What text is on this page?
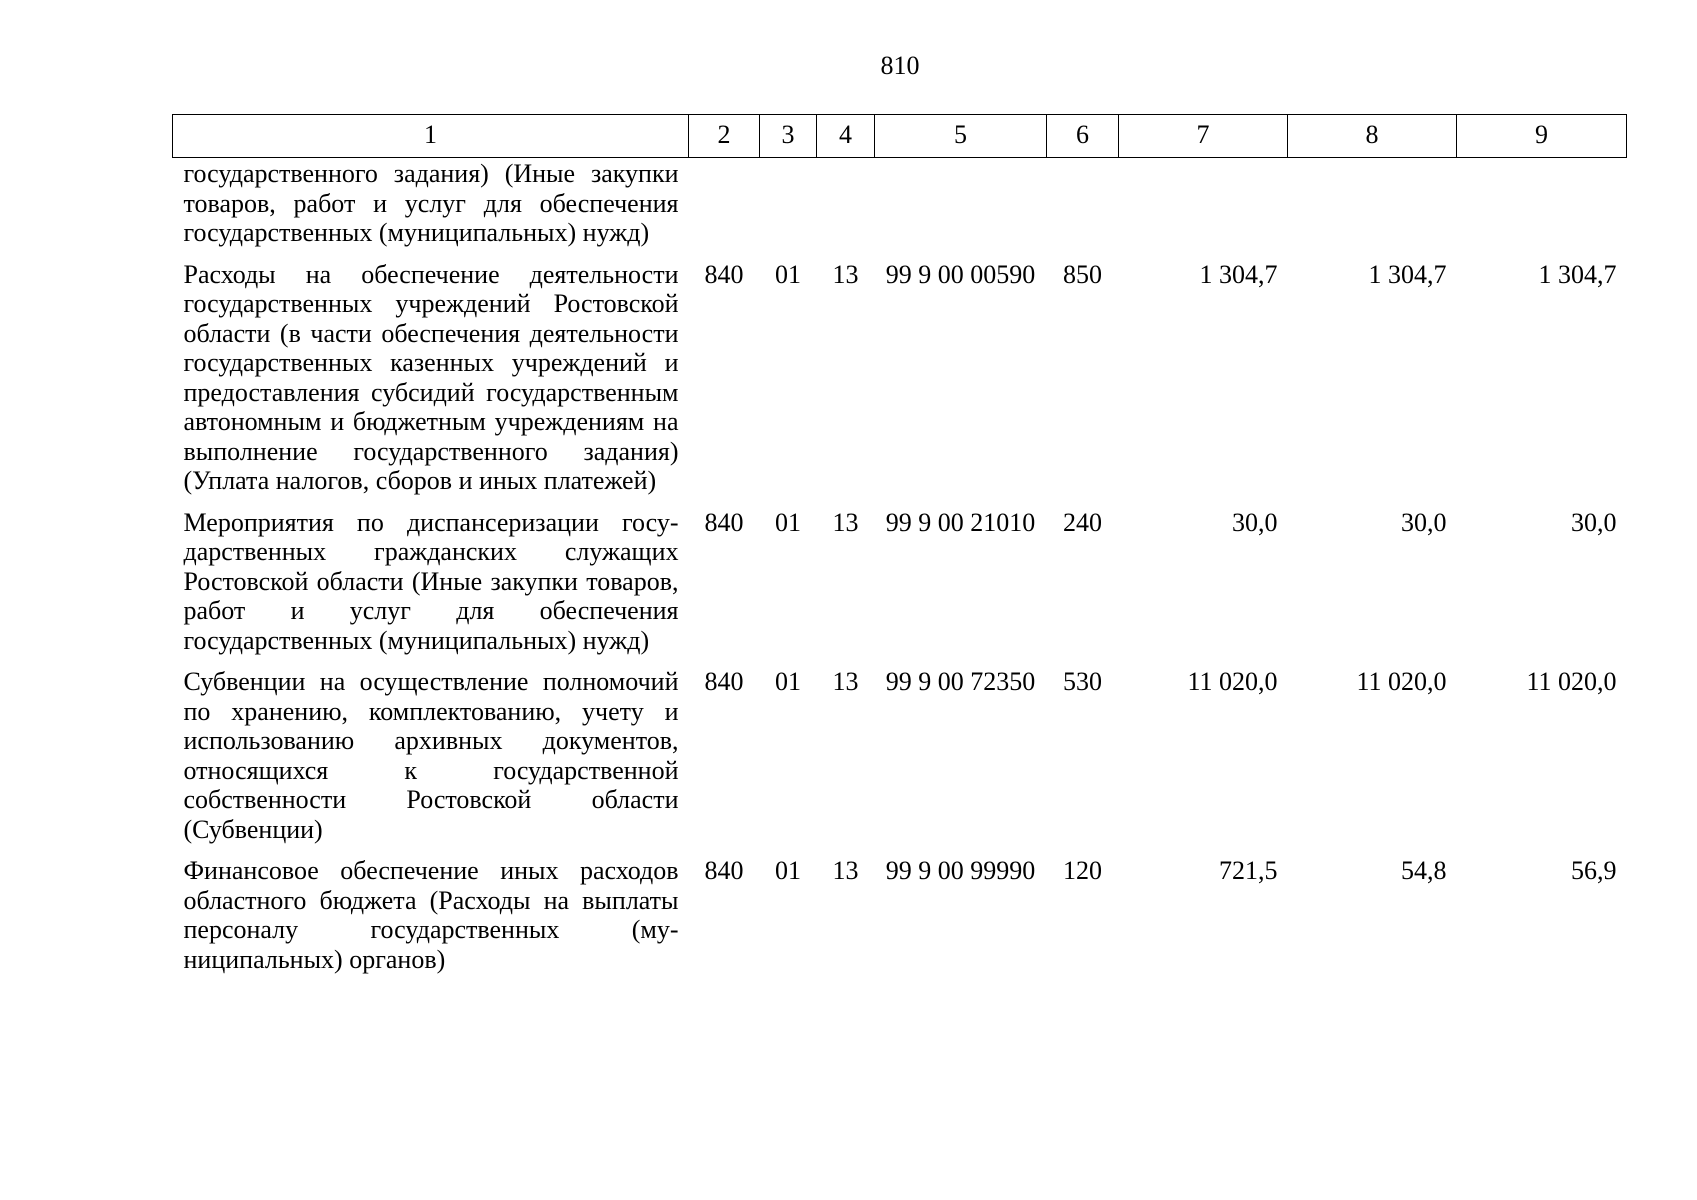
810
1	2	3	4	5	6	7	8	9
государственного задания) (Иные закупки товаров, работ и услуг для обеспечения государственных (муниципальных) нужд)								
Расходы на обеспечение деятельности государственных учреждений Ростовской области (в части обеспечения деятельности государственных казенных учреждений и предоставления субсидий государственным автономным и бюджетным учреждениям на выполнение государственного задания) (Уплата налогов, сборов и иных платежей)	840	01	13	99 9 00 00590	850	1 304,7	1 304,7	1 304,7
Мероприятия по диспансеризации государственных гражданских служащих Ростовской области (Иные закупки товаров, работ и услуг для обеспечения государственных (муниципальных) нужд)	840	01	13	99 9 00 21010	240	30,0	30,0	30,0
Субвенции на осуществление полномочий по хранению, комплектованию, учету и использованию архивных документов, относящихся к государственной собственности Ростовской области (Субвенции)	840	01	13	99 9 00 72350	530	11 020,0	11 020,0	11 020,0
Финансовое обеспечение иных расходов областного бюджета (Расходы на выплаты персоналу государственных (муниципальных) органов)	840	01	13	99 9 00 99990	120	721,5	54,8	56,9
